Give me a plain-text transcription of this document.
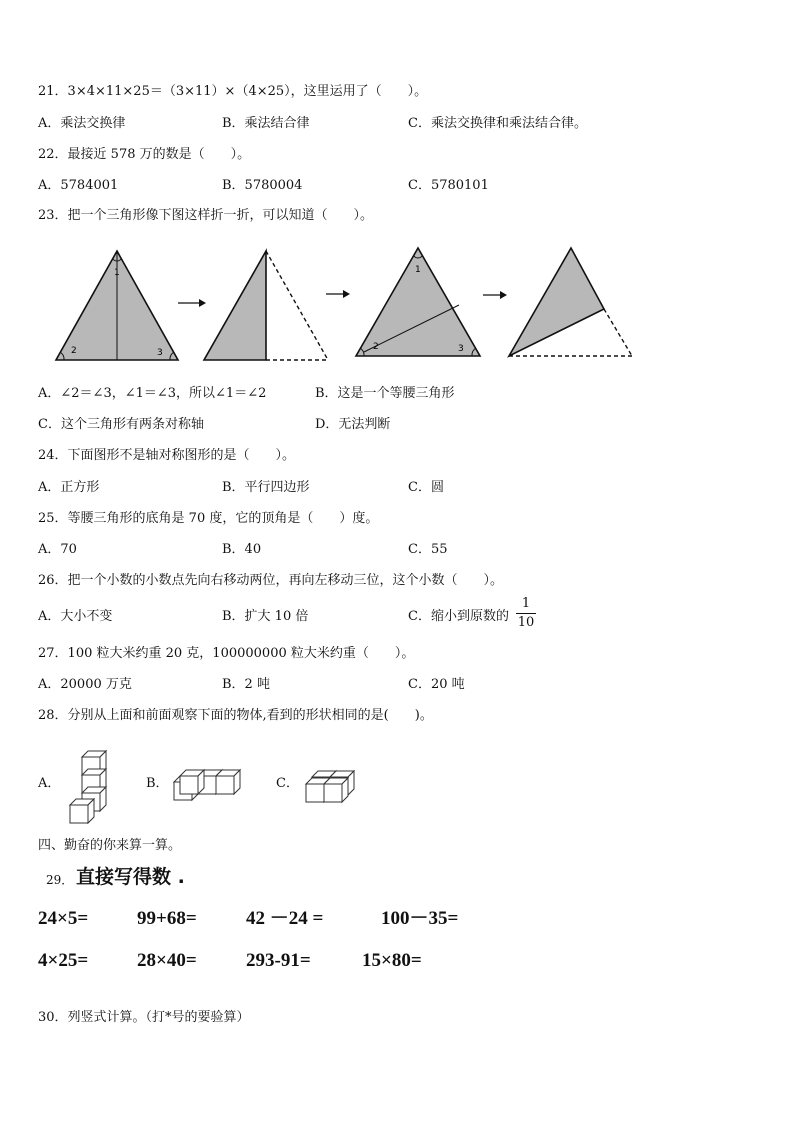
21．3×4×11×25＝（3×11）×（4×25），这里运用了（　　）。
A．乘法交换律	B．乘法结合律	C．乘法交换律和乘法结合律。
22．最接近 578 万的数是（　　）。
A．5784001	B．5780004	C．5780101
23．把一个三角形像下图这样折一折，可以知道（　　）。
1
2	3
1
2	3
A．∠2＝∠3，∠1＝∠3，所以∠1＝∠2	B．这是一个等腰三角形
C．这个三角形有两条对称轴	D．无法判断
24．下面图形不是轴对称图形的是（　　）。
A．正方形	B．平行四边形	C．圆
25．等腰三角形的底角是 70 度，它的顶角是（　　）度。
A．70	B．40	C．55
26．把一个小数的小数点先向右移动两位，再向左移动三位，这个小数（　　）。
A．大小不变	B．扩大 10 倍	C．缩小到原数的
1
10
27．100 粒大米约重 20 克，100000000 粒大米约重（　　）。
A．20000 万克	B．2 吨	C．20 吨
28．分别从上面和前面观察下面的物体,看到的形状相同的是(　　)。
A．	B．	C．
四、勤奋的你来算一算。
29． 直接写得数 .
24×5=	99+68=	42 －24 =	100－35=
4×25=	28×40=	293-91=	15×80=
30．列竖式计算。（打*号的要验算）
